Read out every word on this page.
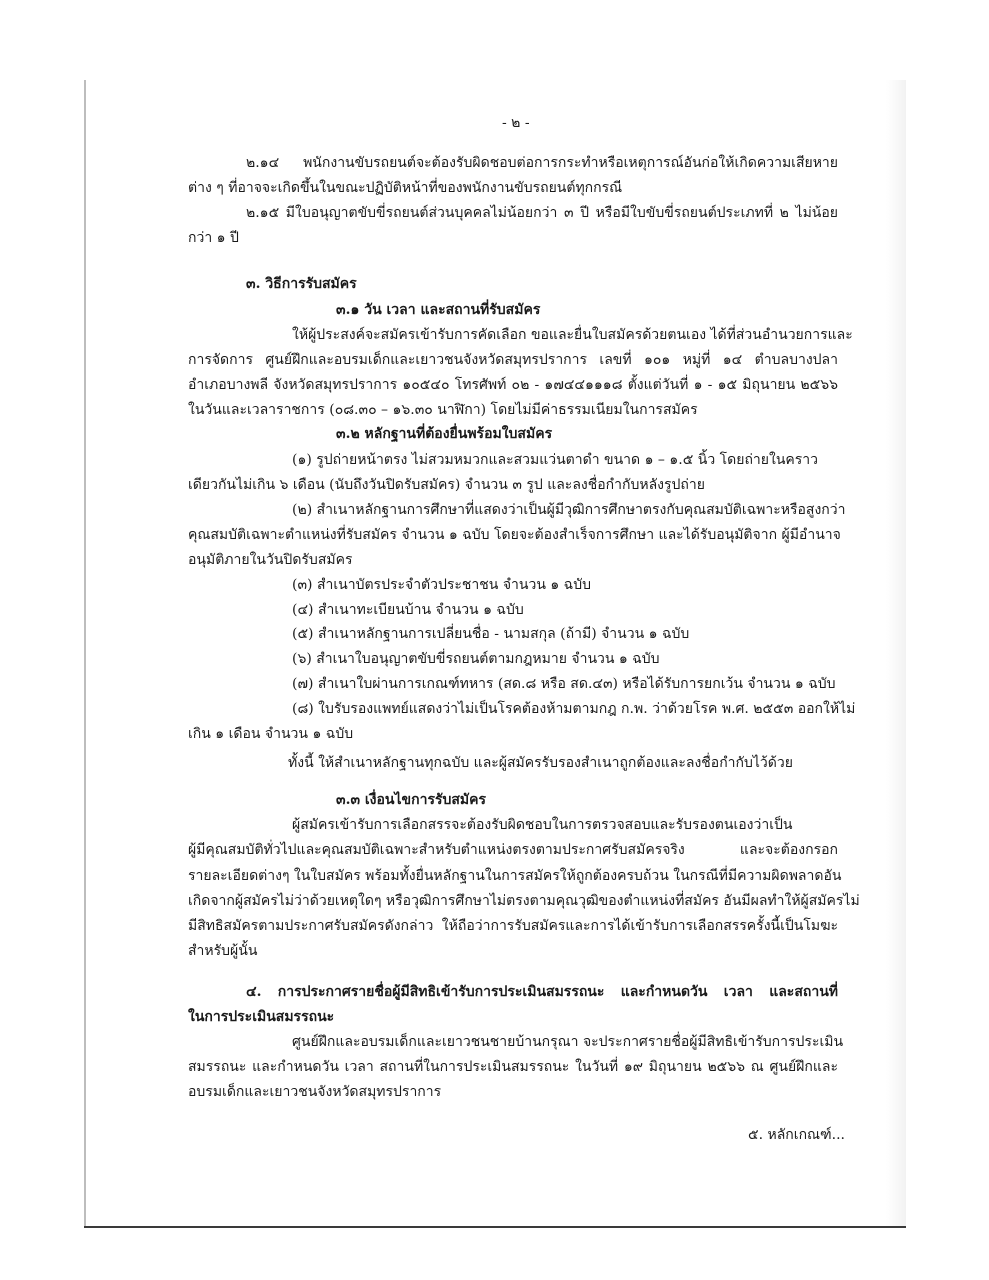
- ๒ -

๒.๑๔ พนักงานขับรถยนต์จะต้องรับผิดชอบต่อการกระทำหรือเหตุการณ์อันก่อให้เกิดความเสียหาย

ต่าง ๆ ที่อาจจะเกิดขึ้นในขณะปฏิบัติหน้าที่ของพนักงานขับรถยนต์ทุกกรณี

๒.๑๕ มีใบอนุญาตขับขี่รถยนต์ส่วนบุคคลไม่น้อยกว่า ๓ ปี หรือมีใบขับขี่รถยนต์ประเภทที่ ๒ ไม่น้อย

กว่า ๑ ปี

๓. วิธีการรับสมัคร

๓.๑ วัน เวลา และสถานที่รับสมัคร

ให้ผู้ประสงค์จะสมัครเข้ารับการคัดเลือก ขอและยื่นใบสมัครด้วยตนเอง ได้ที่ส่วนอำนวยการและ

การจัดการ ศูนย์ฝึกและอบรมเด็กและเยาวชนจังหวัดสมุทรปราการ เลขที่ ๑๐๑ หมู่ที่ ๑๔ ตำบลบางปลา

อำเภอบางพลี จังหวัดสมุทรปราการ ๑๐๕๔๐ โทรศัพท์ ๐๒ - ๑๗๔๔๑๑๑๘ ตั้งแต่วันที่ ๑ - ๑๕ มิถุนายน ๒๕๖๖

ในวันและเวลาราชการ (๐๘.๓๐ – ๑๖.๓๐ นาฬิกา) โดยไม่มีค่าธรรมเนียมในการสมัคร

๓.๒ หลักฐานที่ต้องยื่นพร้อมใบสมัคร

(๑) รูปถ่ายหน้าตรง ไม่สวมหมวกและสวมแว่นตาดำ ขนาด ๑ – ๑.๕ นิ้ว โดยถ่ายในคราว

เดียวกันไม่เกิน ๖ เดือน (นับถึงวันปิดรับสมัคร) จำนวน ๓ รูป และลงชื่อกำกับหลังรูปถ่าย

(๒) สำเนาหลักฐานการศึกษาที่แสดงว่าเป็นผู้มีวุฒิการศึกษาตรงกับคุณสมบัติเฉพาะหรือสูงกว่า

คุณสมบัติเฉพาะตำแหน่งที่รับสมัคร จำนวน ๑ ฉบับ โดยจะต้องสำเร็จการศึกษา และได้รับอนุมัติจาก ผู้มีอำนาจ

อนุมัติภายในวันปิดรับสมัคร

(๓) สำเนาบัตรประจำตัวประชาชน จำนวน ๑ ฉบับ

(๔) สำเนาทะเบียนบ้าน จำนวน ๑ ฉบับ

(๕) สำเนาหลักฐานการเปลี่ยนชื่อ - นามสกุล (ถ้ามี) จำนวน ๑ ฉบับ

(๖) สำเนาใบอนุญาตขับขี่รถยนต์ตามกฎหมาย จำนวน ๑ ฉบับ

(๗) สำเนาใบผ่านการเกณฑ์ทหาร (สด.๘ หรือ สด.๔๓) หรือได้รับการยกเว้น จำนวน ๑ ฉบับ

(๘) ใบรับรองแพทย์แสดงว่าไม่เป็นโรคต้องห้ามตามกฎ ก.พ. ว่าด้วยโรค พ.ศ. ๒๕๕๓ ออกให้ไม่

เกิน ๑ เดือน จำนวน ๑ ฉบับ

ทั้งนี้ ให้สำเนาหลักฐานทุกฉบับ และผู้สมัครรับรองสำเนาถูกต้องและลงชื่อกำกับไว้ด้วย

๓.๓ เงื่อนไขการรับสมัคร

ผู้สมัครเข้ารับการเลือกสรรจะต้องรับผิดชอบในการตรวจสอบและรับรองตนเองว่าเป็น

ผู้มีคุณสมบัติทั่วไปและคุณสมบัติเฉพาะสำหรับตำแหน่งตรงตามประกาศรับสมัครจริง และจะต้องกรอก

รายละเอียดต่างๆ ในใบสมัคร พร้อมทั้งยื่นหลักฐานในการสมัครให้ถูกต้องครบถ้วน ในกรณีที่มีความผิดพลาดอัน

เกิดจากผู้สมัครไม่ว่าด้วยเหตุใดๆ หรือวุฒิการศึกษาไม่ตรงตามคุณวุฒิของตำแหน่งที่สมัคร อันมีผลทำให้ผู้สมัครไม่

มีสิทธิสมัครตามประกาศรับสมัครดังกล่าว ให้ถือว่าการรับสมัครและการได้เข้ารับการเลือกสรรครั้งนี้เป็นโมฆะ

สำหรับผู้นั้น

๔. การประกาศรายชื่อผู้มีสิทธิเข้ารับการประเมินสมรรถนะ และกำหนดวัน เวลา และสถานที่

ในการประเมินสมรรถนะ

ศูนย์ฝึกและอบรมเด็กและเยาวชนชายบ้านกรุณา จะประกาศรายชื่อผู้มีสิทธิเข้ารับการประเมิน

สมรรถนะ และกำหนดวัน เวลา สถานที่ในการประเมินสมรรถนะ ในวันที่ ๑๙ มิถุนายน ๒๕๖๖ ณ ศูนย์ฝึกและ

อบรมเด็กและเยาวชนจังหวัดสมุทรปราการ

๕. หลักเกณฑ์...
